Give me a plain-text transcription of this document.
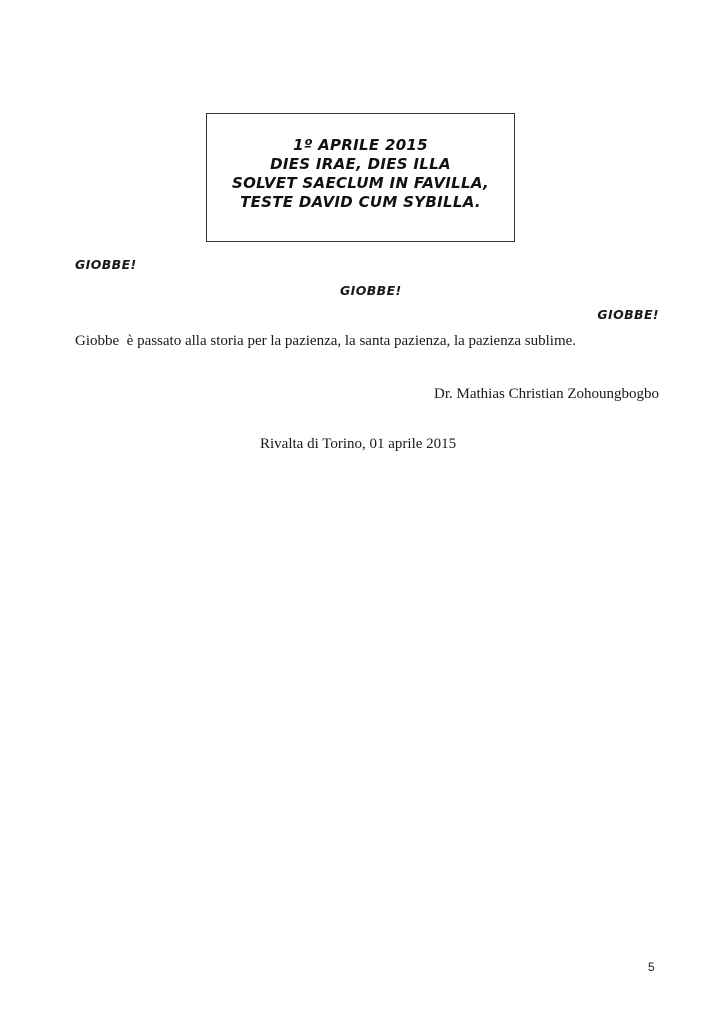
1º APRILE 2015
DIES IRAE, DIES ILLA
SOLVET SAECLUM IN FAVILLA,
TESTE DAVID CUM SYBILLA.
GIOBBE!
GIOBBE!
GIOBBE!
Giobbe  è passato alla storia per la pazienza, la santa pazienza, la pazienza sublime.
Dr. Mathias Christian Zohoungbogbo
Rivalta di Torino, 01 aprile 2015
5
